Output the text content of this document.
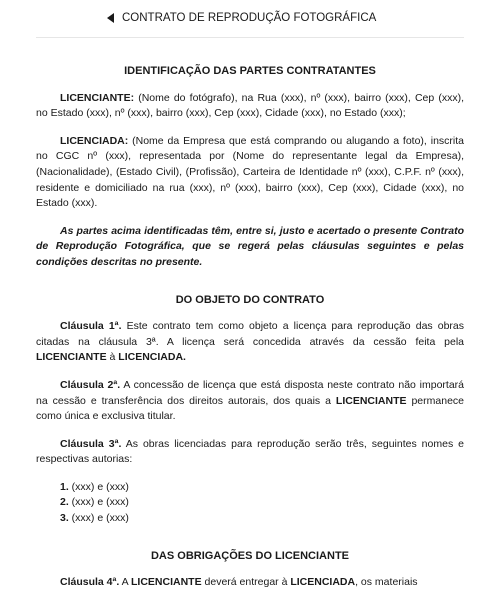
CONTRATO DE REPRODUÇÃO FOTOGRÁFICA
IDENTIFICAÇÃO DAS PARTES CONTRATANTES

LICENCIANTE: (Nome do fotógrafo), na Rua (xxx), nº (xxx), bairro (xxx), Cep (xxx), no Estado (xxx), nº (xxx), bairro (xxx), Cep (xxx), Cidade (xxx), no Estado (xxx);

LICENCIADA: (Nome da Empresa que está comprando ou alugando a foto), inscrita no CGC nº (xxx), representada por (Nome do representante legal da Empresa), (Nacionalidade), (Estado Civil), (Profissão), Carteira de Identidade nº (xxx), C.P.F. nº (xxx), residente e domiciliado na rua (xxx), nº (xxx), bairro (xxx), Cep (xxx), Cidade (xxx), no Estado (xxx).

As partes acima identificadas têm, entre si, justo e acertado o presente Contrato de Reprodução Fotográfica, que se regerá pelas cláusulas seguintes e pelas condições descritas no presente.

DO OBJETO DO CONTRATO

Cláusula 1ª. Este contrato tem como objeto a licença para reprodução das obras citadas na cláusula 3ª. A licença será concedida através da cessão feita pela LICENCIANTE à LICENCIADA.

Cláusula 2ª. A concessão de licença que está disposta neste contrato não importará na cessão e transferência dos direitos autorais, dos quais a LICENCIANTE permanece como única e exclusiva titular.

Cláusula 3ª. As obras licenciadas para reprodução serão três, seguintes nomes e respectivas autorias:

1. (xxx) e (xxx)
2. (xxx) e (xxx)
3. (xxx) e (xxx)
DAS OBRIGAÇÕES DO LICENCIANTE

Cláusula 4ª. A LICENCIANTE deverá entregar à LICENCIADA, os materiais
